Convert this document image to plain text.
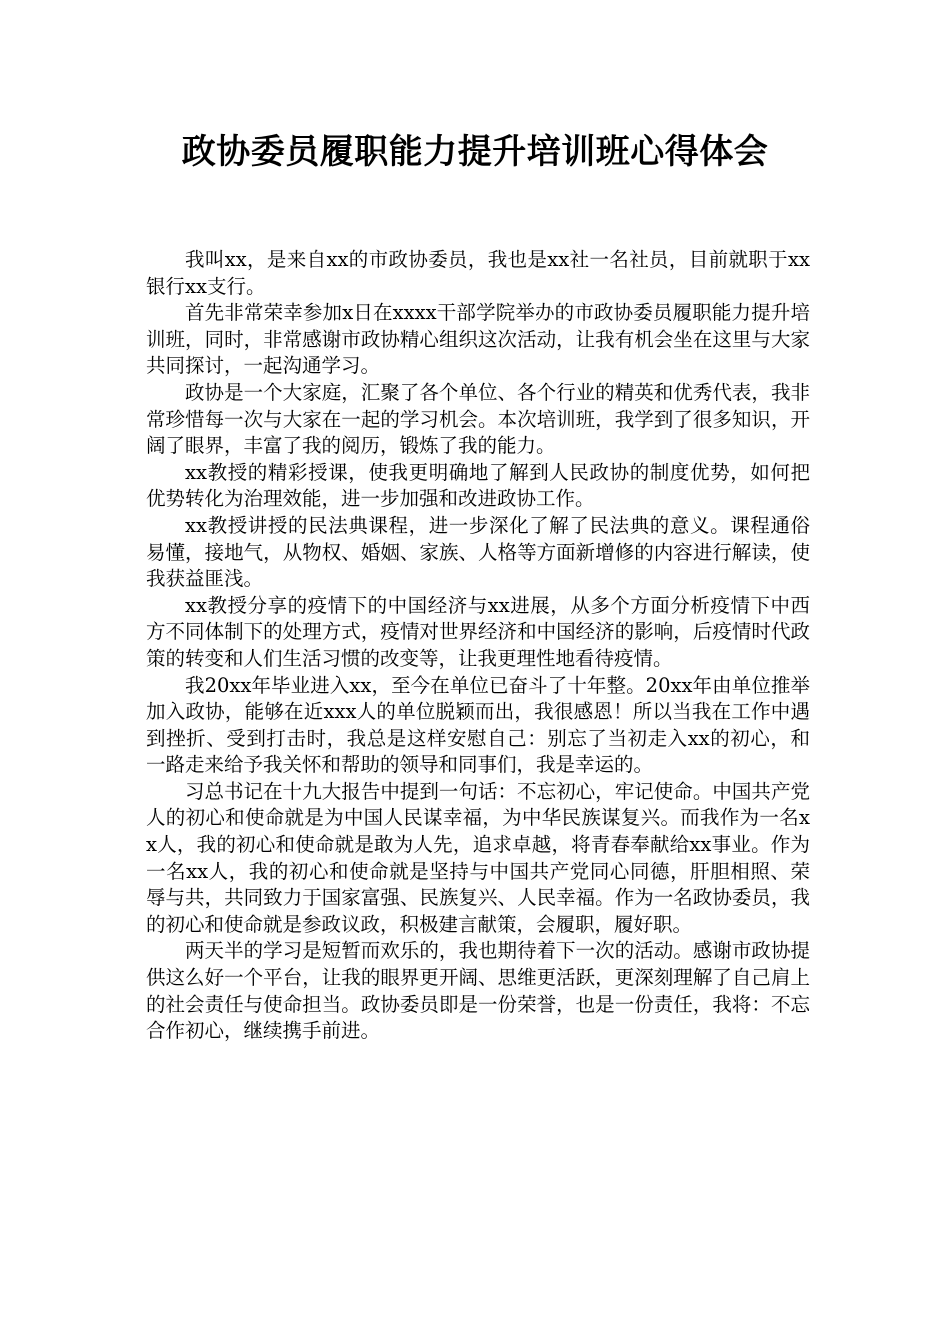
政协委员履职能力提升培训班心得体会

我叫xx，是来自xx的市政协委员，我也是xx社一名社员，目前就职于xx银行xx支行。

首先非常荣幸参加x日在xxxx干部学院举办的市政协委员履职能力提升培训班，同时，非常感谢市政协精心组织这次活动，让我有机会坐在这里与大家共同探讨，一起沟通学习。

政协是一个大家庭，汇聚了各个单位、各个行业的精英和优秀代表，我非常珍惜每一次与大家在一起的学习机会。本次培训班，我学到了很多知识，开阔了眼界，丰富了我的阅历，锻炼了我的能力。

xx教授的精彩授课，使我更明确地了解到人民政协的制度优势，如何把优势转化为治理效能，进一步加强和改进政协工作。

xx教授讲授的民法典课程，进一步深化了解了民法典的意义。课程通俗易懂，接地气，从物权、婚姻、家族、人格等方面新增修的内容进行解读，使我获益匪浅。

xx教授分享的疫情下的中国经济与xx进展，从多个方面分析疫情下中西方不同体制下的处理方式，疫情对世界经济和中国经济的影响，后疫情时代政策的转变和人们生活习惯的改变等，让我更理性地看待疫情。

我20xx年毕业进入xx，至今在单位已奋斗了十年整。20xx年由单位推举加入政协，能够在近xxx人的单位脱颖而出，我很感恩！所以当我在工作中遇到挫折、受到打击时，我总是这样安慰自己：别忘了当初走入xx的初心，和一路走来给予我关怀和帮助的领导和同事们，我是幸运的。

习总书记在十九大报告中提到一句话：不忘初心，牢记使命。中国共产党人的初心和使命就是为中国人民谋幸福，为中华民族谋复兴。而我作为一名xx人，我的初心和使命就是敢为人先，追求卓越，将青春奉献给xx事业。作为一名xx人，我的初心和使命就是坚持与中国共产党同心同德，肝胆相照、荣辱与共，共同致力于国家富强、民族复兴、人民幸福。作为一名政协委员，我的初心和使命就是参政议政，积极建言献策，会履职，履好职。

两天半的学习是短暂而欢乐的，我也期待着下一次的活动。感谢市政协提供这么好一个平台，让我的眼界更开阔、思维更活跃，更深刻理解了自己肩上的社会责任与使命担当。政协委员即是一份荣誉，也是一份责任，我将：不忘合作初心，继续携手前进。
